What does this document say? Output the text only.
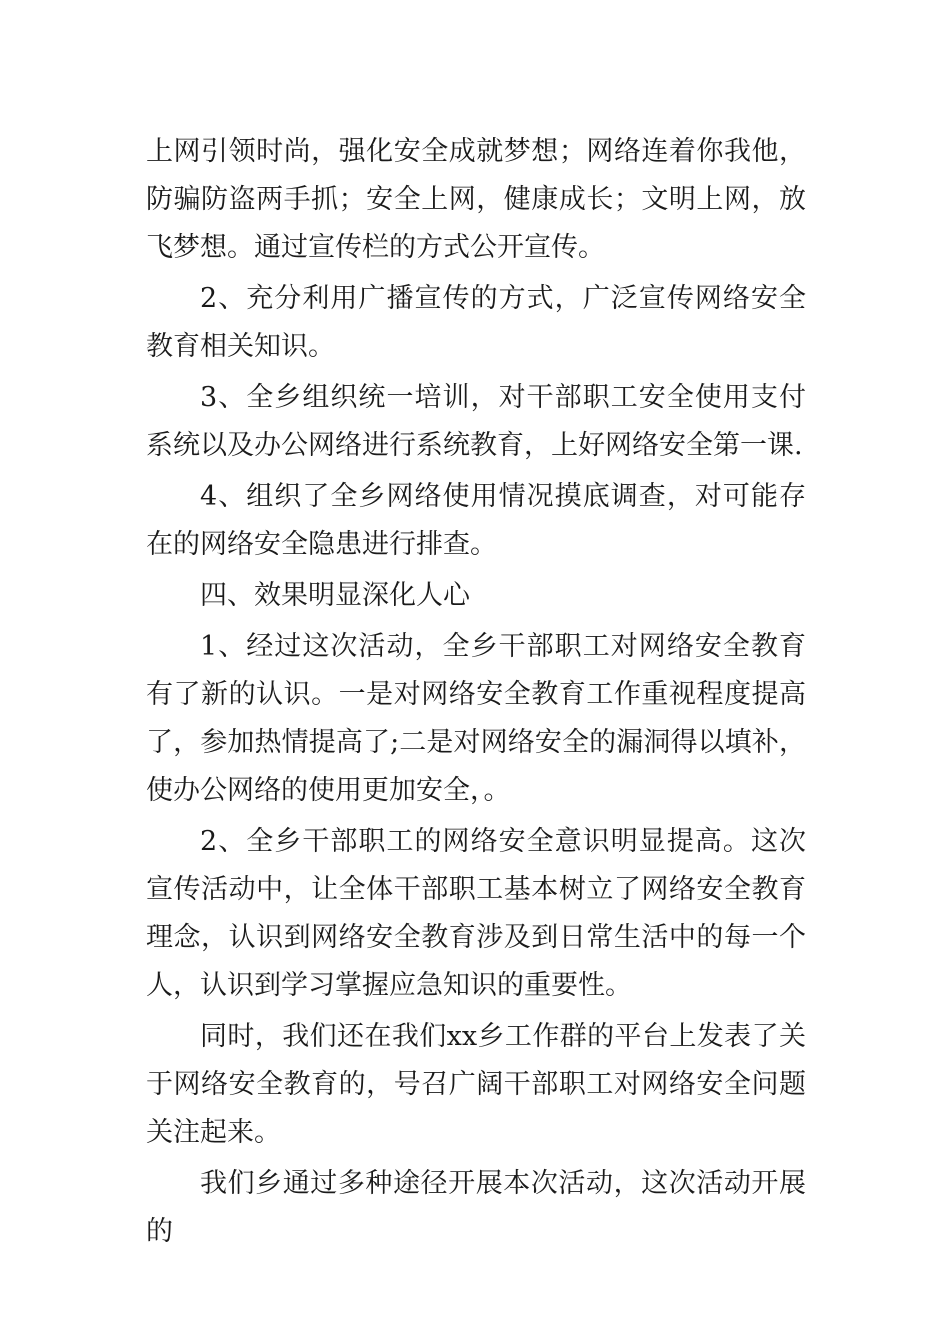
上网引领时尚，强化安全成就梦想；网络连着你我他，防骗防盗两手抓；安全上网，健康成长；文明上网，放飞梦想。通过宣传栏的方式公开宣传。

2、充分利用广播宣传的方式，广泛宣传网络安全教育相关知识。

3、全乡组织统一培训，对干部职工安全使用支付系统以及办公网络进行系统教育，上好网络安全第一课.

4、组织了全乡网络使用情况摸底调查，对可能存在的网络安全隐患进行排查。

四、效果明显深化人心

1、经过这次活动，全乡干部职工对网络安全教育有了新的认识。一是对网络安全教育工作重视程度提高了，参加热情提高了;二是对网络安全的漏洞得以填补，使办公网络的使用更加安全，。

2、全乡干部职工的网络安全意识明显提高。这次宣传活动中，让全体干部职工基本树立了网络安全教育理念，认识到网络安全教育涉及到日常生活中的每一个人，认识到学习掌握应急知识的重要性。

同时，我们还在我们xx乡工作群的平台上发表了关于网络安全教育的，号召广阔干部职工对网络安全问题关注起来。

我们乡通过多种途径开展本次活动，这次活动开展的
